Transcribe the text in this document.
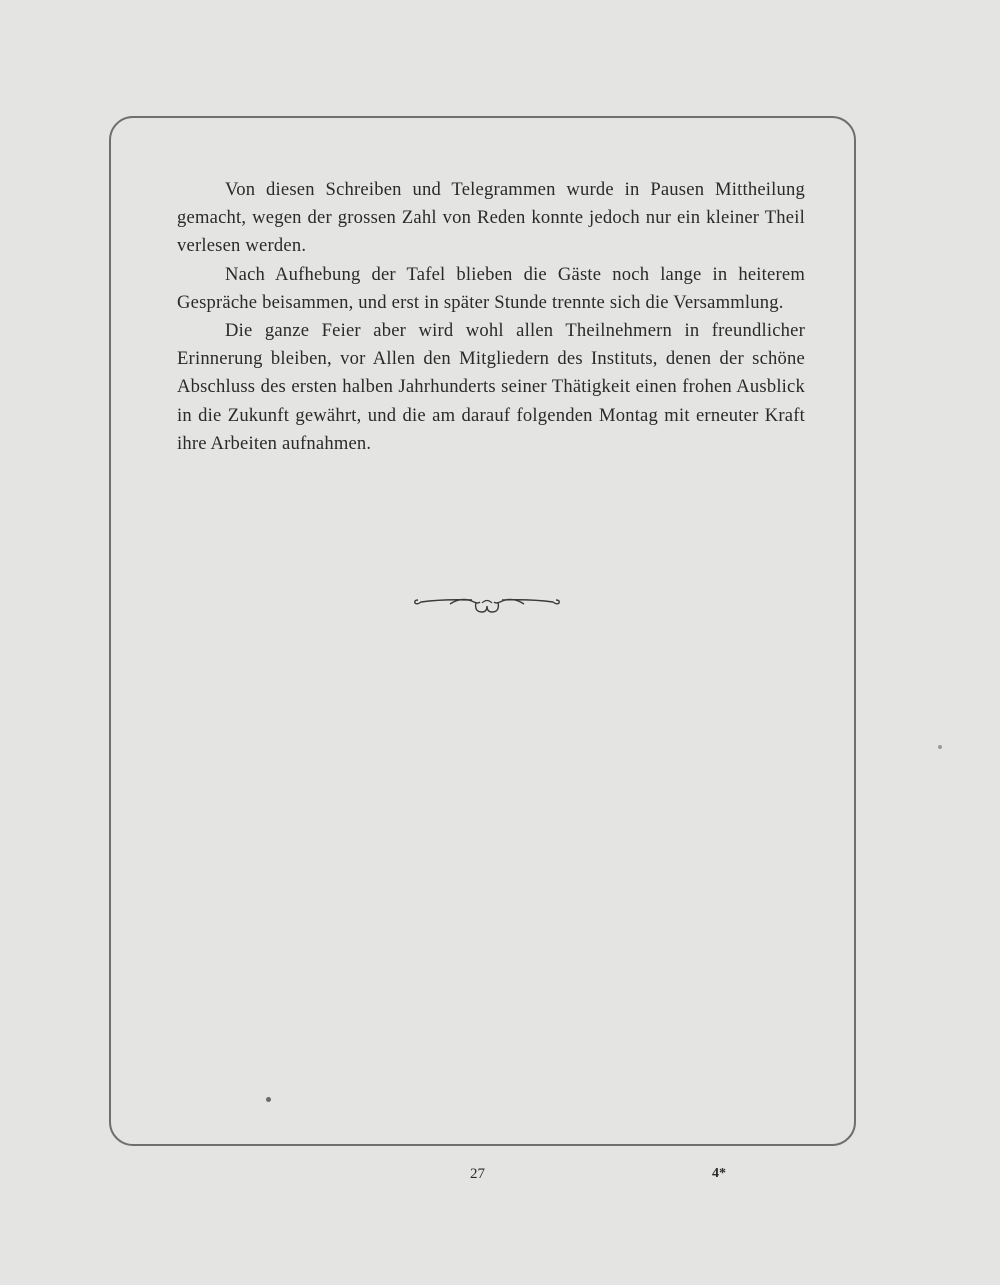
Von diesen Schreiben und Telegrammen wurde in Pausen Mittheilung gemacht, wegen der grossen Zahl von Reden konnte jedoch nur ein kleiner Theil verlesen werden.

Nach Aufhebung der Tafel blieben die Gäste noch lange in heiterem Gespräche beisammen, und erst in später Stunde trennte sich die Versammlung.

Die ganze Feier aber wird wohl allen Theilnehmern in freundlicher Erinnerung bleiben, vor Allen den Mitgliedern des Instituts, denen der schöne Abschluss des ersten halben Jahrhunderts seiner Thätigkeit einen frohen Ausblick in die Zukunft gewährt, und die am darauf folgenden Montag mit erneuter Kraft ihre Arbeiten aufnahmen.

27	4*
